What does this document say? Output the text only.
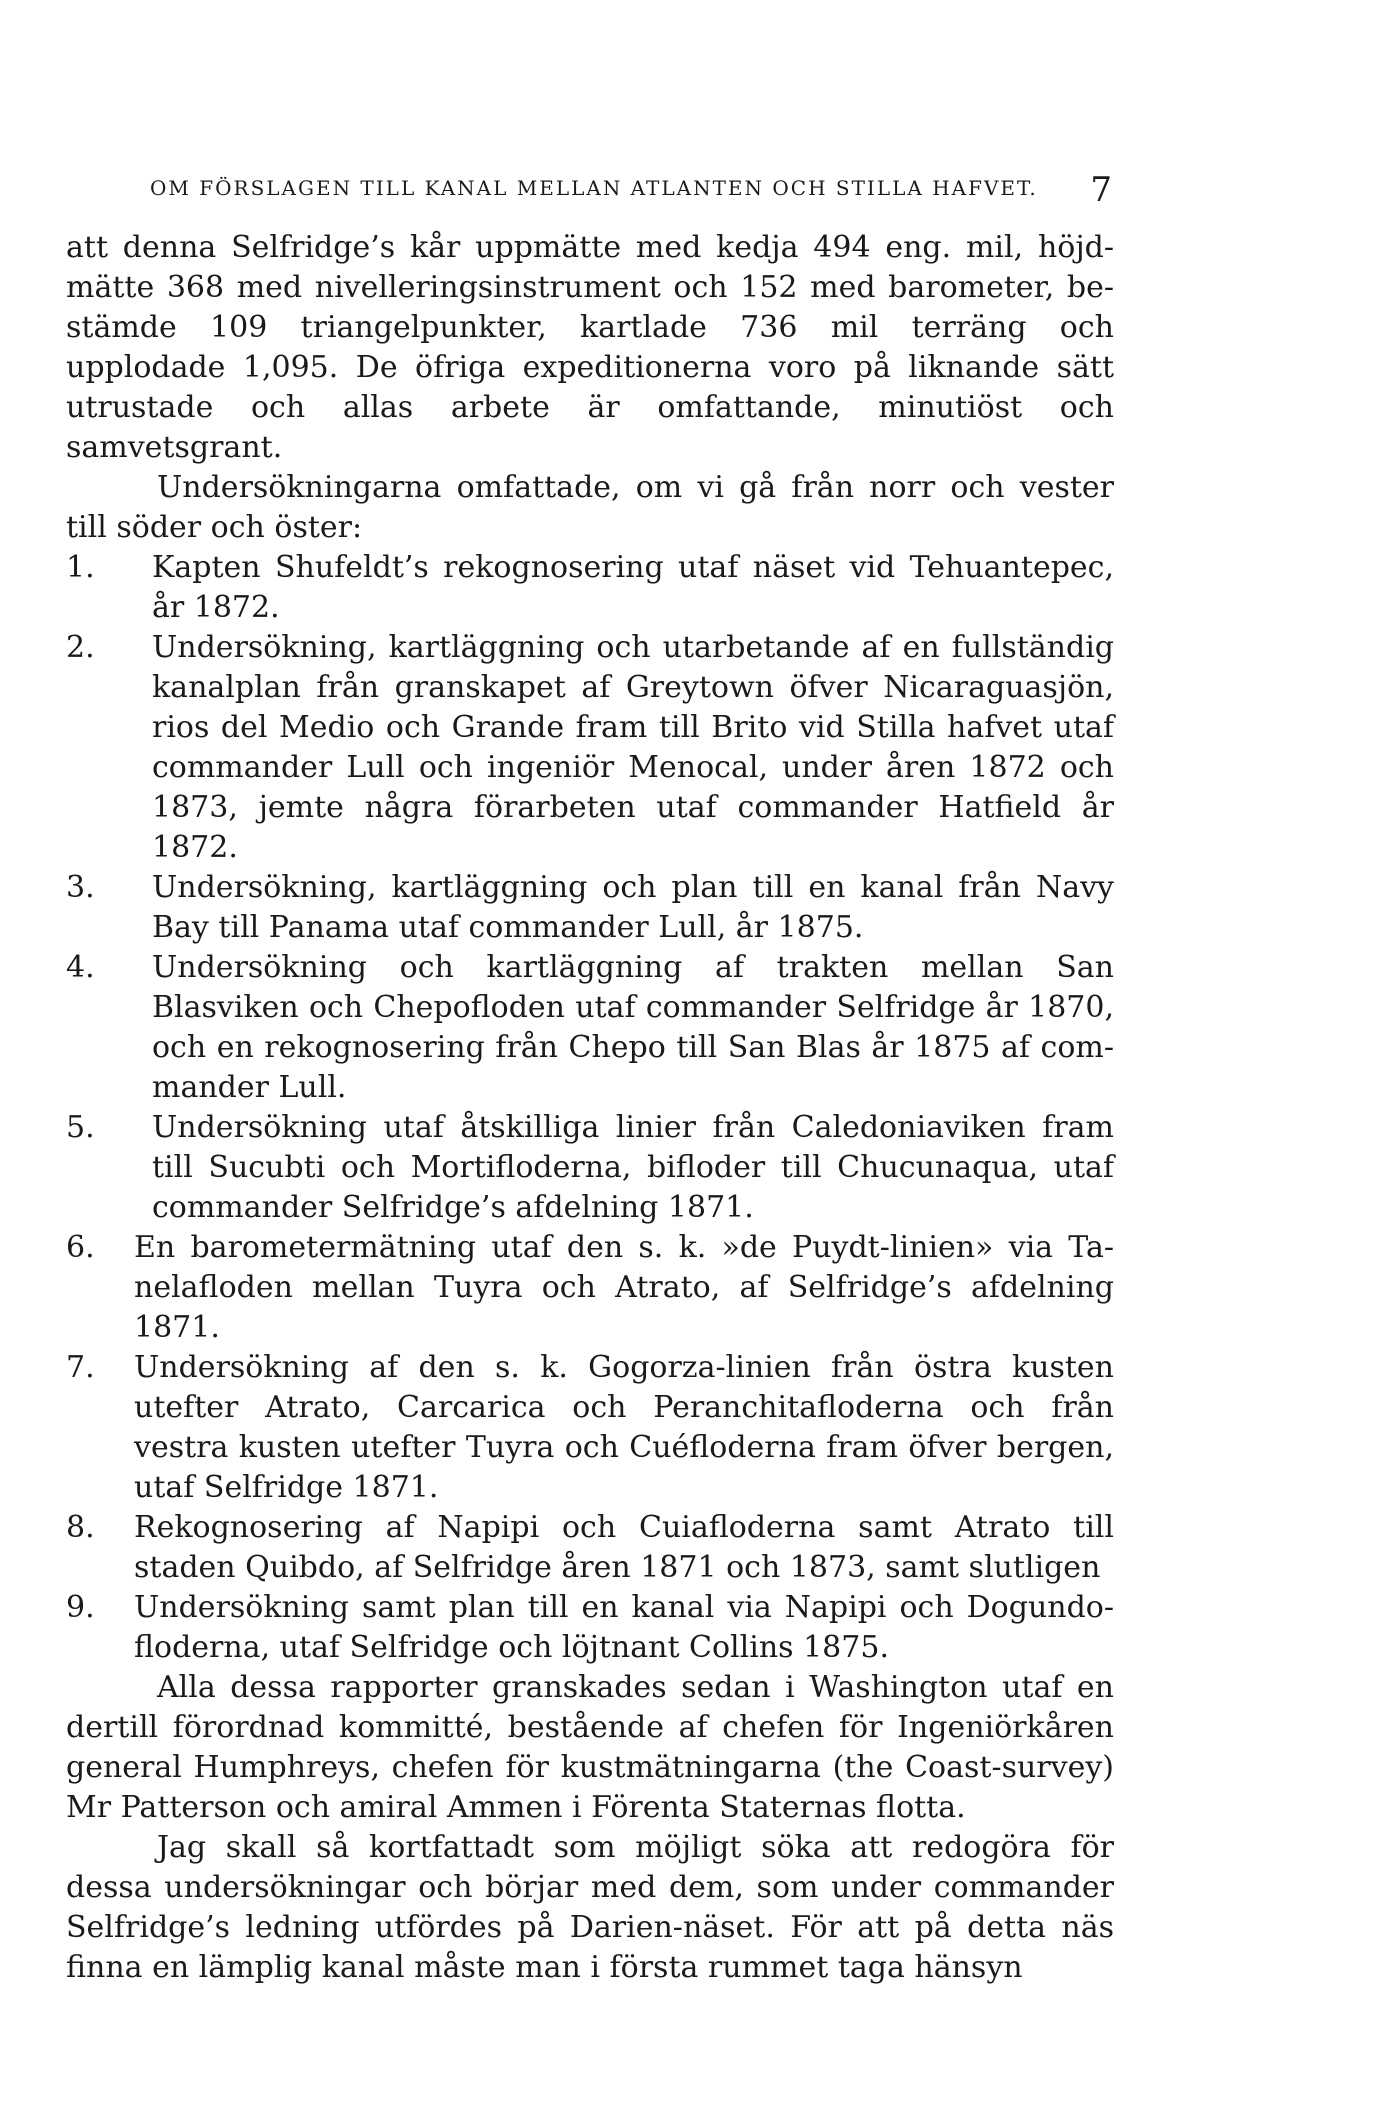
OM FÖRSLAGEN TILL KANAL MELLAN ATLANTEN OCH STILLA HAFVET. 7
att denna Selfridge’s kår uppmätte med kedja 494 eng. mil, höjdmätte 368 med nivelleringsinstrument och 152 med barometer, bestämde 109 triangelpunkter, kartlade 736 mil terräng och upplodade 1,095. De öfriga expeditionerna voro på liknande sätt utrustade och allas arbete är omfattande, minutiöst och samvetsgrant.
Undersökningarna omfattade, om vi gå från norr och vester till söder och öster:
1. Kapten Shufeldt’s rekognosering utaf näset vid Tehuantepec, år 1872.
2. Undersökning, kartläggning och utarbetande af en fullständig kanalplan från granskapet af Greytown öfver Nicaraguasjön, rios del Medio och Grande fram till Brito vid Stilla hafvet utaf commander Lull och ingeniör Menocal, under åren 1872 och 1873, jemte några förarbeten utaf commander Hatfield år 1872.
3. Undersökning, kartläggning och plan till en kanal från Navy Bay till Panama utaf commander Lull, år 1875.
4. Undersökning och kartläggning af trakten mellan San Blasviken och Chepofloden utaf commander Selfridge år 1870, och en rekognosering från Chepo till San Blas år 1875 af commander Lull.
5. Undersökning utaf åtskilliga linier från Caledoniaviken fram till Sucubti och Mortifloderna, bifloder till Chucunaqua, utaf commander Selfridge’s afdelning 1871.
6. En barometermätning utaf den s. k. »de Puydt-linien» via Tanelafloden mellan Tuyra och Atrato, af Selfridge’s afdelning 1871.
7. Undersökning af den s. k. Gogorza-linien från östra kusten utefter Atrato, Carcarica och Peranchitafloderna och från vestra kusten utefter Tuyra och Cuéfloderna fram öfver bergen, utaf Selfridge 1871.
8. Rekognosering af Napipi och Cuiafloderna samt Atrato till staden Quibdo, af Selfridge åren 1871 och 1873, samt slutligen
9. Undersökning samt plan till en kanal via Napipi och Dogundofloderna, utaf Selfridge och löjtnant Collins 1875.
Alla dessa rapporter granskades sedan i Washington utaf en dertill förordnad kommitté, bestående af chefen för Ingeniörkåren general Humphreys, chefen för kustmätningarna (the Coast-survey) Mr Patterson och amiral Ammen i Förenta Staternas flotta.
Jag skall så kortfattadt som möjligt söka att redogöra för dessa undersökningar och börjar med dem, som under commander Selfridge’s ledning utfördes på Darien-näset. För att på detta näs finna en lämplig kanal måste man i första rummet taga hänsyn
